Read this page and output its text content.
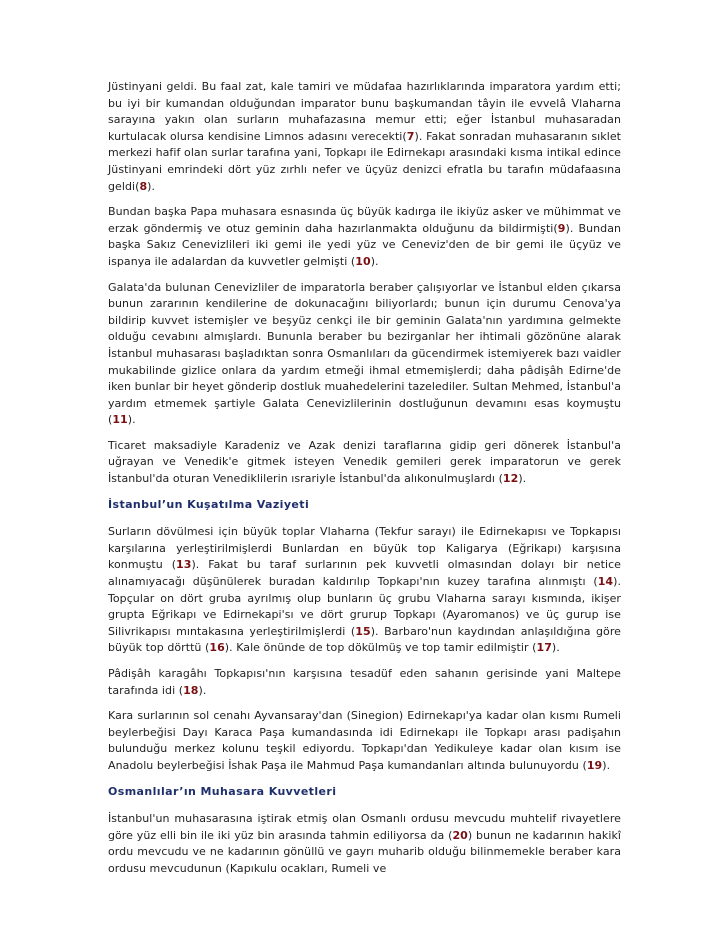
Jüstinyani geldi. Bu faal zat, kale tamiri ve müdafaa hazırlıklarında imparatora yardım etti; bu iyi bir kumandan olduğundan imparator bunu başkumandan tâyin ile evvelâ Vlaharna sarayına yakın olan surların muhafazasına memur etti; eğer İstanbul muhasaradan kurtulacak olursa kendisine Limnos adasını verecekti(7). Fakat sonradan muhasaranın sıklet merkezi hafif olan surlar tarafına yani, Topkapı ile Edirnekapı arasındaki kısma intikal edince Jüstinyani emrindeki dört yüz zırhlı nefer ve üçyüz denizci efratla bu tarafın müdafaasına geldi(8).

Bundan başka Papa muhasara esnasında üç büyük kadırga ile ikiyüz asker ve mühimmat ve erzak göndermiş ve otuz geminin daha hazırlanmakta olduğunu da bildirmişti(9). Bundan başka Sakız Cenevizlileri iki gemi ile yedi yüz ve Ceneviz'den de bir gemi ile üçyüz ve ispanya ile adalardan da kuvvetler gelmişti (10).

Galata'da bulunan Cenevizliler de imparatorla beraber çalışıyorlar ve İstanbul elden çıkarsa bunun zararının kendilerine de dokunacağını biliyorlardı; bunun için durumu Cenova'ya bildirip kuvvet istemişler ve beşyüz cenkçi ile bir geminin Galata'nın yardımına gelmekte olduğu cevabını almışlardı. Bununla beraber bu bezirganlar her ihtimali gözönüne alarak İstanbul muhasarası başladıktan sonra Osmanlıları da gücendirmek istemiyerek bazı vaidler mukabilinde gizlice onlara da yardım etmeği ihmal etmemişlerdi; daha pâdişâh Edirne'de iken bunlar bir heyet gönderip dostluk muahedelerini tazelediler. Sultan Mehmed, İstanbul'a yardım etmemek şartiyle Galata Cenevizlilerinin dostluğunun devamını esas koymuştu (11).

Ticaret maksadiyle Karadeniz ve Azak denizi taraflarına gidip geri dönerek İstanbul'a uğrayan ve Venedik'e gitmek isteyen Venedik gemileri gerek imparatorun ve gerek İstanbul'da oturan Venediklilerin ısrariyle İstanbul'da alıkonulmuşlardı (12).

İstanbul’un Kuşatılma Vaziyeti

Surların dövülmesi için büyük toplar Vlaharna (Tekfur sarayı) ile Edirnekapısı ve Topkapısı karşılarına yerleştirilmişlerdi Bunlardan en büyük top Kaligarya (Eğrikapı) karşısına konmuştu (13). Fakat bu taraf surlarının pek kuvvetli olmasından dolayı bir netice alınamıyacağı düşünülerek buradan kaldırılıp Topkapı'nın kuzey tarafına alınmıştı (14). Topçular on dört gruba ayrılmış olup bunların üç grubu Vlaharna sarayı kısmında, ikişer grupta Eğrikapı ve Edirnekapi'sı ve dört grurup Topkapı (Ayaromanos) ve üç gurup ise Silivrikapısı mıntakasına yerleştirilmişlerdi (15). Barbaro'nun kaydından anlaşıldığına göre büyük top dörttü (16). Kale önünde de top dökülmüş ve top tamir edilmiştir (17).

Pâdişâh karagâhı Topkapısı'nın karşısına tesadüf eden sahanın gerisinde yani Maltepe tarafında idi (18).

Kara surlarının sol cenahı Ayvansaray'dan (Sinegion) Edirnekapı'ya kadar olan kısmı Rumeli beylerbeğisi Dayı Karaca Paşa kumandasında idi Edirnekapı ile Topkapı arası padişahın bulunduğu merkez kolunu teşkil ediyordu. Topkapı'dan Yedikuleye kadar olan kısım ise Anadolu beylerbeğisi İshak Paşa ile Mahmud Paşa kumandanları altında bulunuyordu (19).

Osmanlılar’ın Muhasara Kuvvetleri

İstanbul'un muhasarasına iştirak etmiş olan Osmanlı ordusu mevcudu muhtelif rivayetlere göre yüz elli bin ile iki yüz bin arasında tahmin ediliyorsa da (20) bunun ne kadarının hakikî ordu mevcudu ve ne kadarının gönüllü ve gayrı muharib olduğu bilinmemekle beraber kara ordusu mevcudunun (Kapıkulu ocakları, Rumeli ve
